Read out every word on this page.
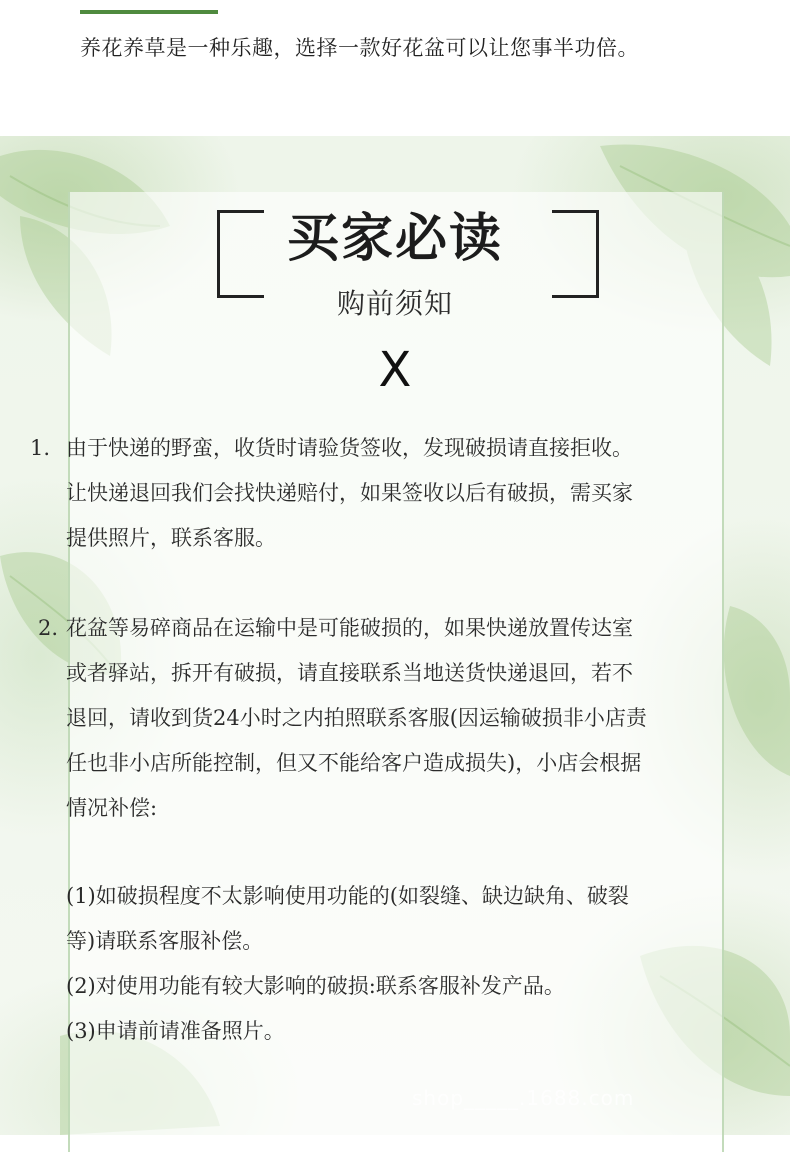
养花养草是一种乐趣，选择一款好花盆可以让您事半功倍。
买家必读
购前须知
X
1. 由于快递的野蛮，收货时请验货签收，发现破损请直接拒收。
让快递退回我们会找快递赔付，如果签收以后有破损，需买家
提供照片，联系客服。
2. 花盆等易碎商品在运输中是可能破损的，如果快递放置传达室
或者驿站，拆开有破损，请直接联系当地送货快递退回，若不
退回，请收到货24小时之内拍照联系客服(因运输破损非小店责
任也非小店所能控制，但又不能给客户造成损失)，小店会根据
情况补偿:
(1)如破损程度不太影响使用功能的(如裂缝、缺边缺角、破裂
等)请联系客服补偿。
(2)对使用功能有较大影响的破损:联系客服补发产品。
(3)申请前请准备照片。
shop_____.1688.com
